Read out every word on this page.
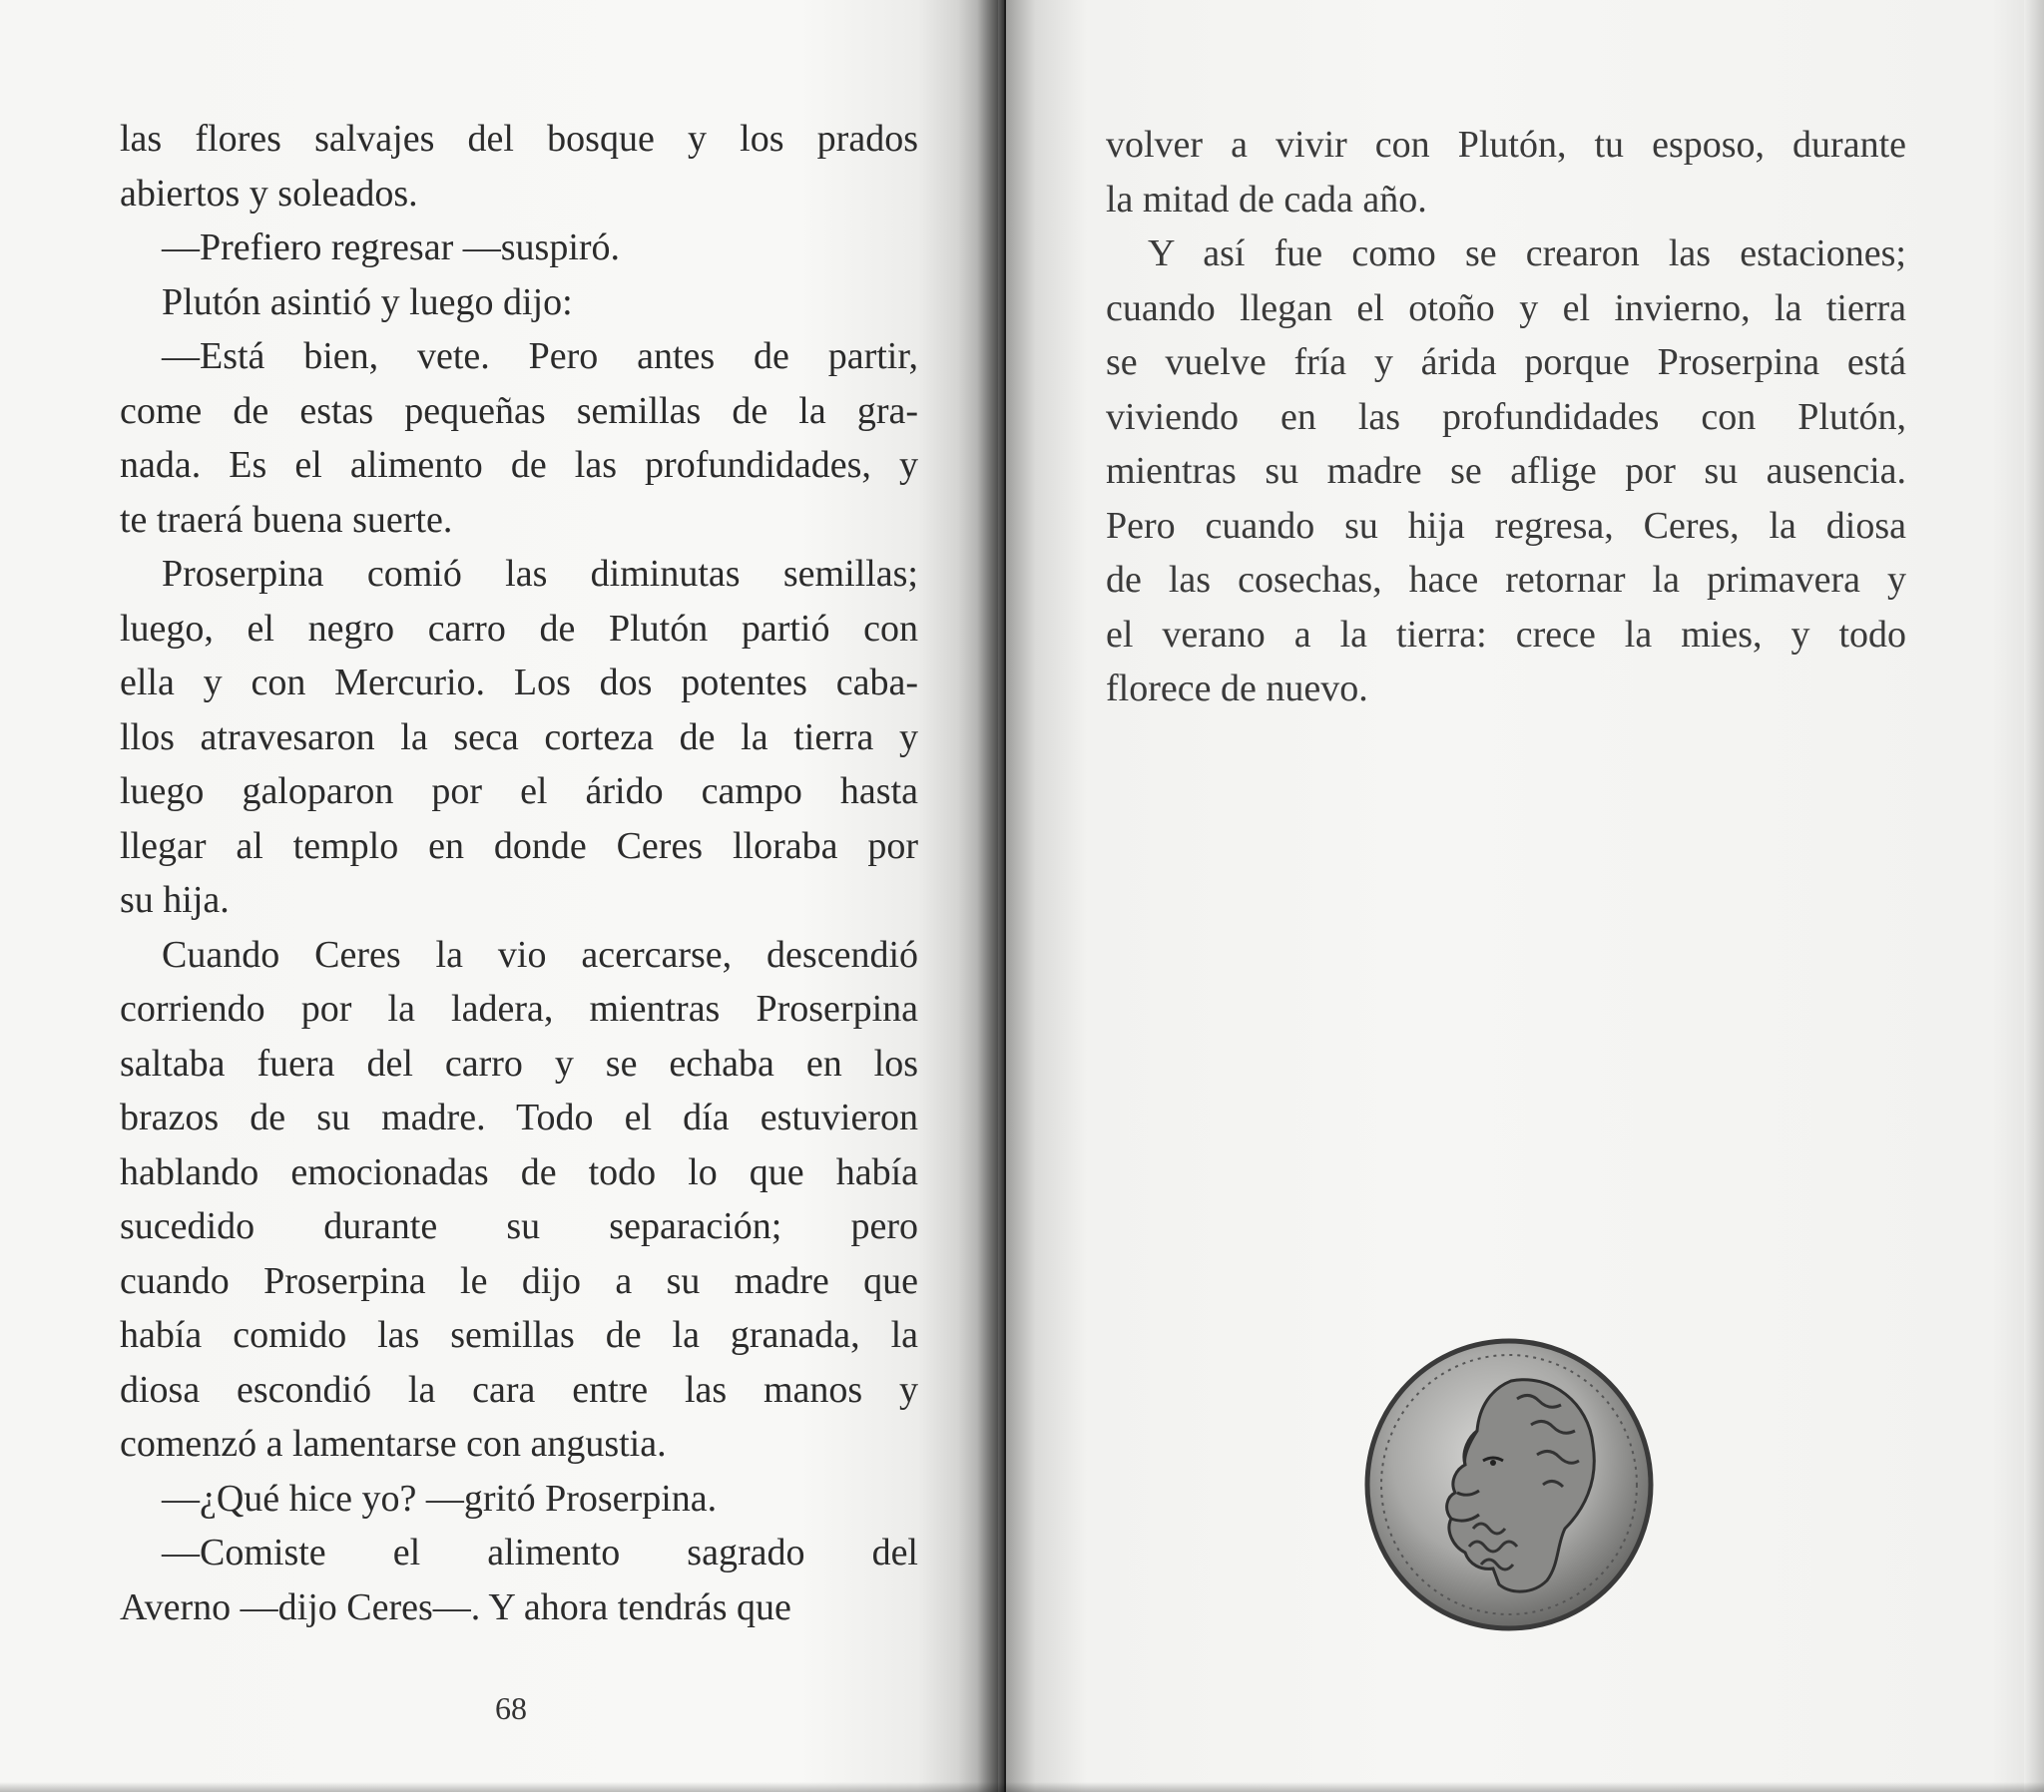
las flores salvajes del bosque y los prados

abiertos y soleados.

—Prefiero regresar —suspiró.

Plutón asintió y luego dijo:

—Está bien, vete. Pero antes de partir,

come de estas pequeñas semillas de la gra-

nada. Es el alimento de las profundidades, y

te traerá buena suerte.

Proserpina comió las diminutas semillas;

luego, el negro carro de Plutón partió con

ella y con Mercurio. Los dos potentes caba-

llos atravesaron la seca corteza de la tierra y

luego galoparon por el árido campo hasta

llegar al templo en donde Ceres lloraba por

su hija.

Cuando Ceres la vio acercarse, descendió

corriendo por la ladera, mientras Proserpina

saltaba fuera del carro y se echaba en los

brazos de su madre. Todo el día estuvieron

hablando emocionadas de todo lo que había

sucedido durante su separación; pero

cuando Proserpina le dijo a su madre que

había comido las semillas de la granada, la

diosa escondió la cara entre las manos y

comenzó a lamentarse con angustia.

—¿Qué hice yo? —gritó Proserpina.

—Comiste el alimento sagrado del

Averno —dijo Ceres—. Y ahora tendrás que

68

volver a vivir con Plutón, tu esposo, durante

la mitad de cada año.

Y así fue como se crearon las estaciones;

cuando llegan el otoño y el invierno, la tierra

se vuelve fría y árida porque Proserpina está

viviendo en las profundidades con Plutón,

mientras su madre se aflige por su ausencia.

Pero cuando su hija regresa, Ceres, la diosa

de las cosechas, hace retornar la primavera y

el verano a la tierra: crece la mies, y todo

florece de nuevo.
